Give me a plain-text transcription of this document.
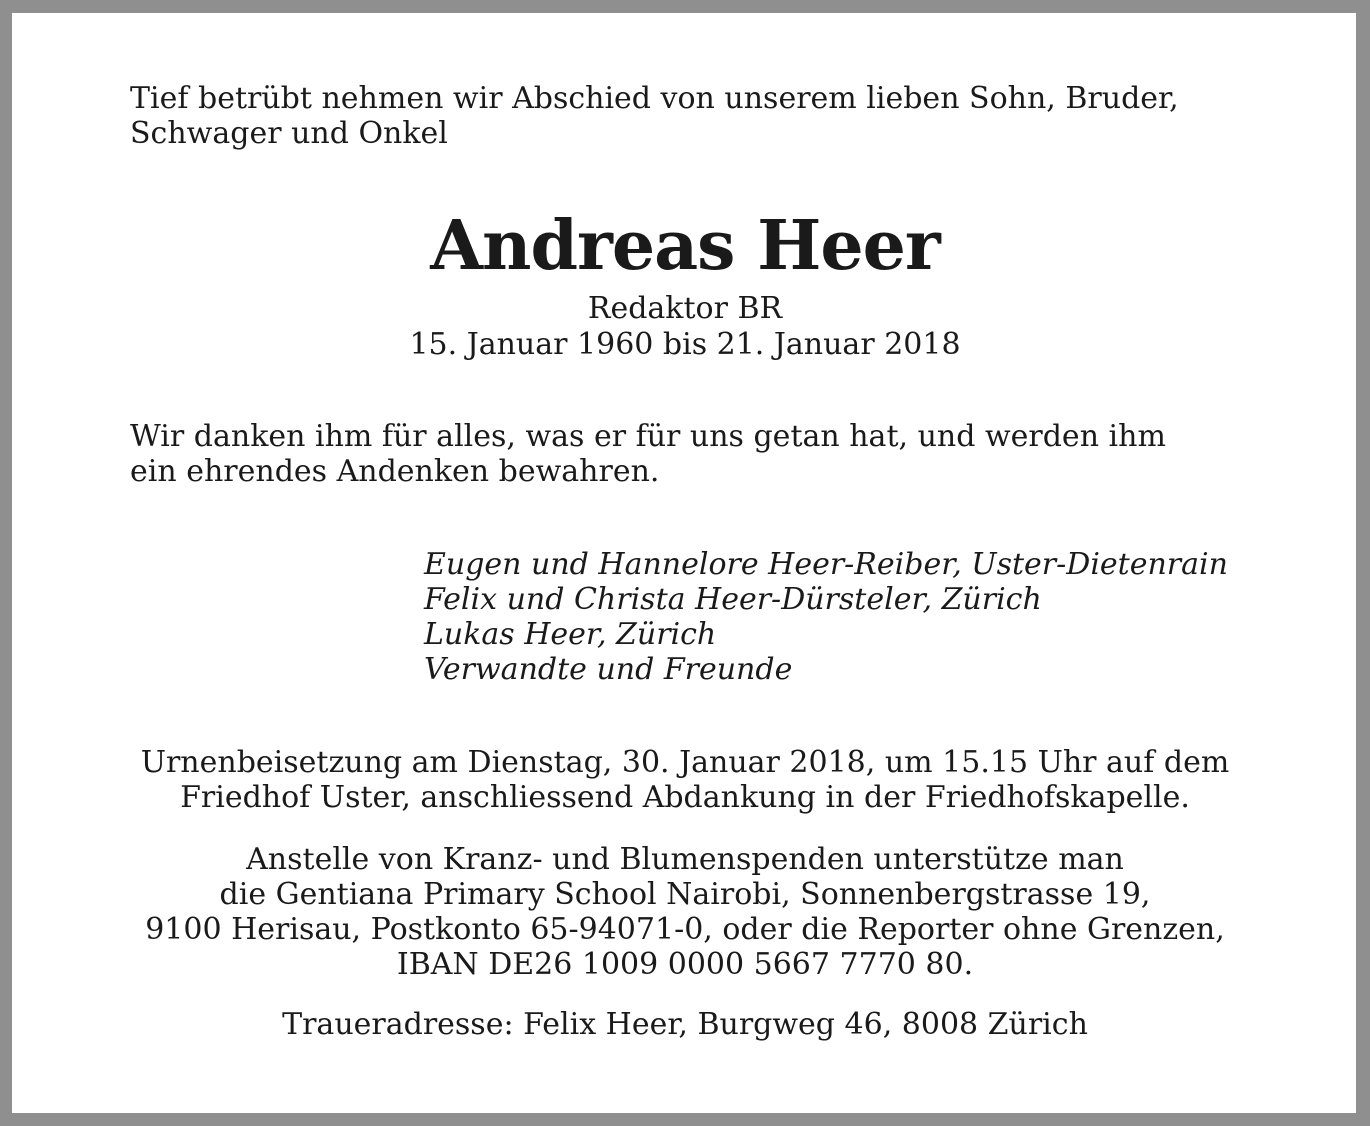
Tief betrübt nehmen wir Abschied von unserem lieben Sohn, Bruder,
Schwager und Onkel

Andreas Heer

Redaktor BR

15. Januar 1960 bis 21. Januar 2018

Wir danken ihm für alles, was er für uns getan hat, und werden ihm
ein ehrendes Andenken bewahren.

Eugen und Hannelore Heer-Reiber, Uster-Dietenrain
Felix und Christa Heer-Dürsteler, Zürich
Lukas Heer, Zürich
Verwandte und Freunde

Urnenbeisetzung am Dienstag, 30. Januar 2018, um 15.15 Uhr auf dem
Friedhof Uster, anschliessend Abdankung in der Friedhofskapelle.

Anstelle von Kranz- und Blumenspenden unterstütze man
die Gentiana Primary School Nairobi, Sonnenbergstrasse 19,
9100 Herisau, Postkonto 65-94071-0, oder die Reporter ohne Grenzen,
IBAN DE26 1009 0000 5667 7770 80.

Traueradresse: Felix Heer, Burgweg 46, 8008 Zürich
